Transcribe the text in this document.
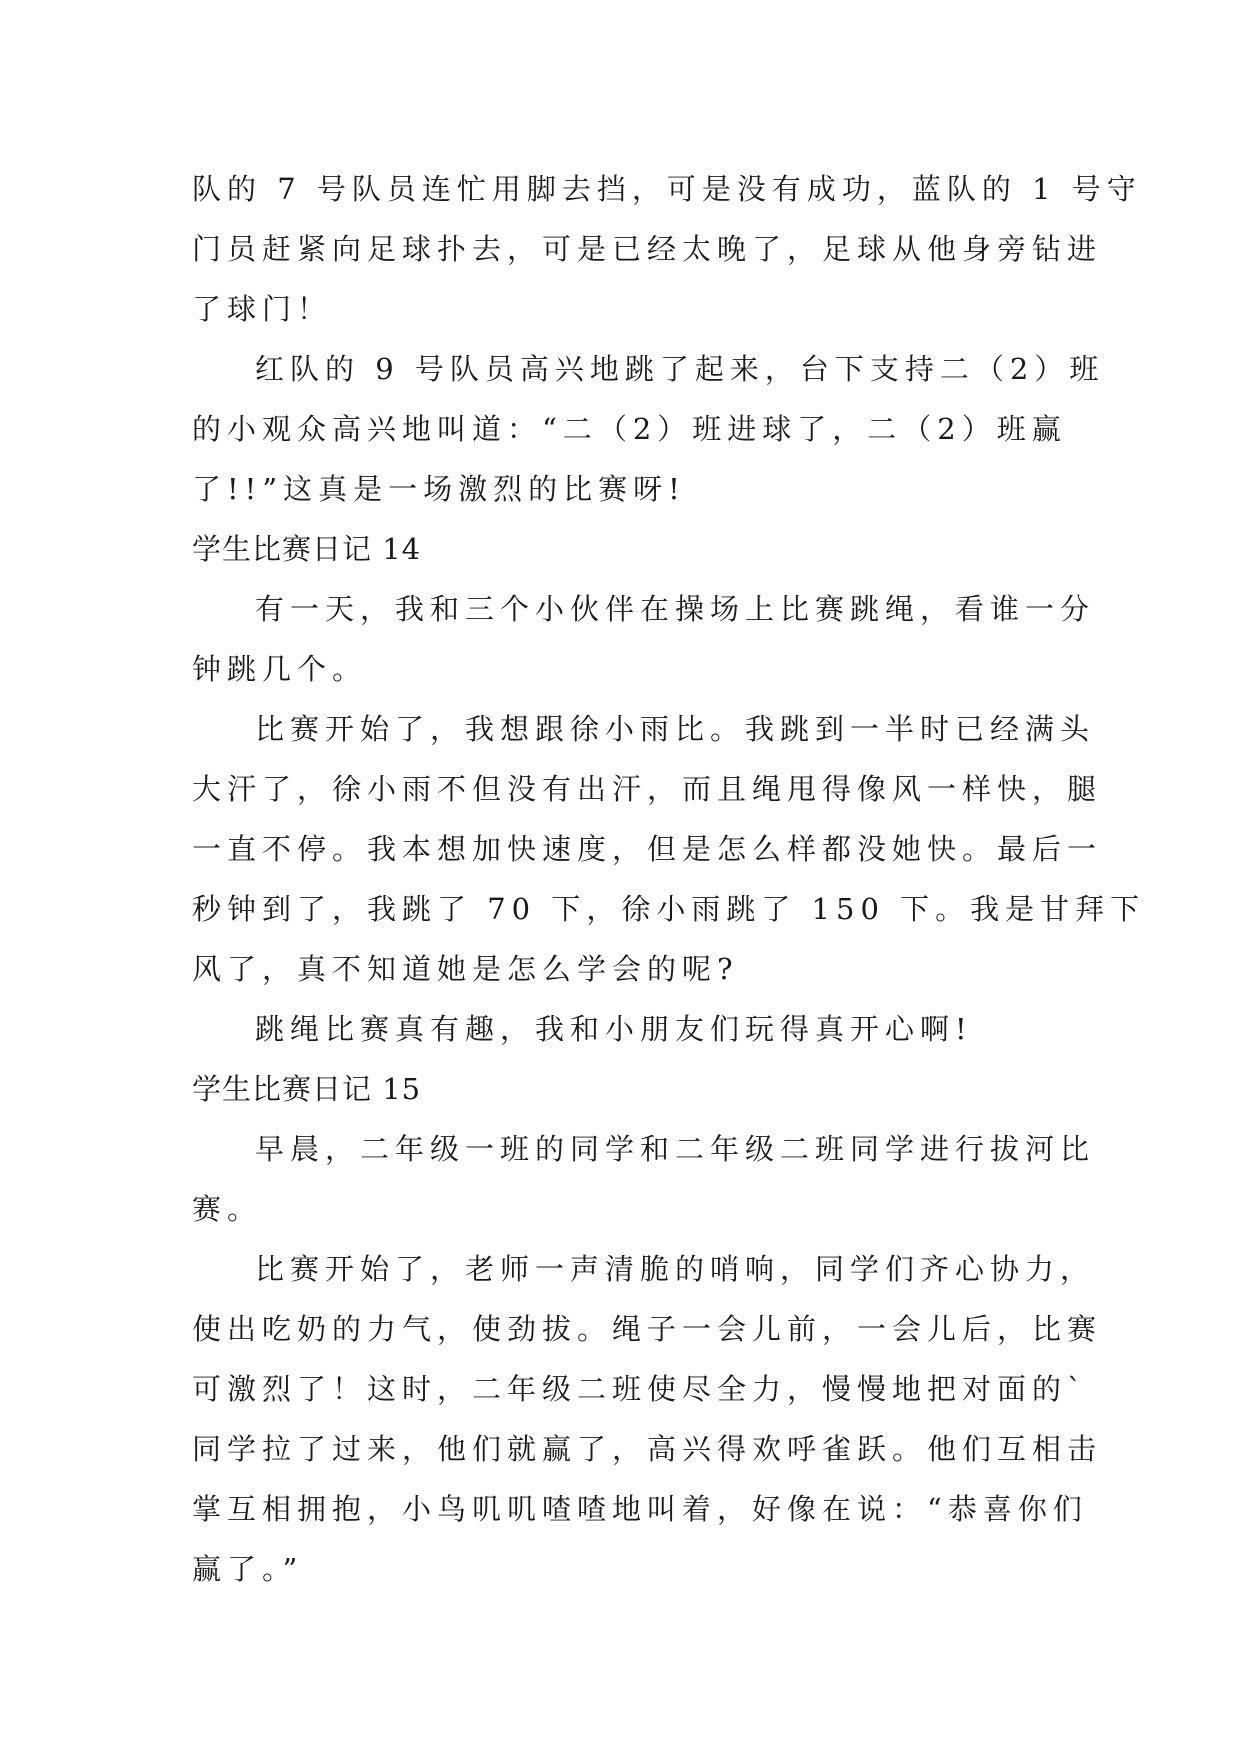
队的 7 号队员连忙用脚去挡，可是没有成功，蓝队的 1 号守
门员赶紧向足球扑去，可是已经太晚了，足球从他身旁钻进
了球门！
红队的 9 号队员高兴地跳了起来，台下支持二（2）班
的小观众高兴地叫道：“二（2）班进球了，二（2）班赢
了!!”这真是一场激烈的比赛呀!
学生比赛日记 14
有一天，我和三个小伙伴在操场上比赛跳绳，看谁一分
钟跳几个。
比赛开始了，我想跟徐小雨比。我跳到一半时已经满头
大汗了，徐小雨不但没有出汗，而且绳甩得像风一样快，腿
一直不停。我本想加快速度，但是怎么样都没她快。最后一
秒钟到了，我跳了 70 下，徐小雨跳了 150 下。我是甘拜下
风了，真不知道她是怎么学会的呢?
跳绳比赛真有趣，我和小朋友们玩得真开心啊!
学生比赛日记 15
早晨，二年级一班的同学和二年级二班同学进行拔河比
赛。
比赛开始了，老师一声清脆的哨响，同学们齐心协力，
使出吃奶的力气，使劲拔。绳子一会儿前，一会儿后，比赛
可激烈了！这时，二年级二班使尽全力，慢慢地把对面的`
同学拉了过来，他们就赢了，高兴得欢呼雀跃。他们互相击
掌互相拥抱，小鸟叽叽喳喳地叫着，好像在说：“恭喜你们
赢了。”
